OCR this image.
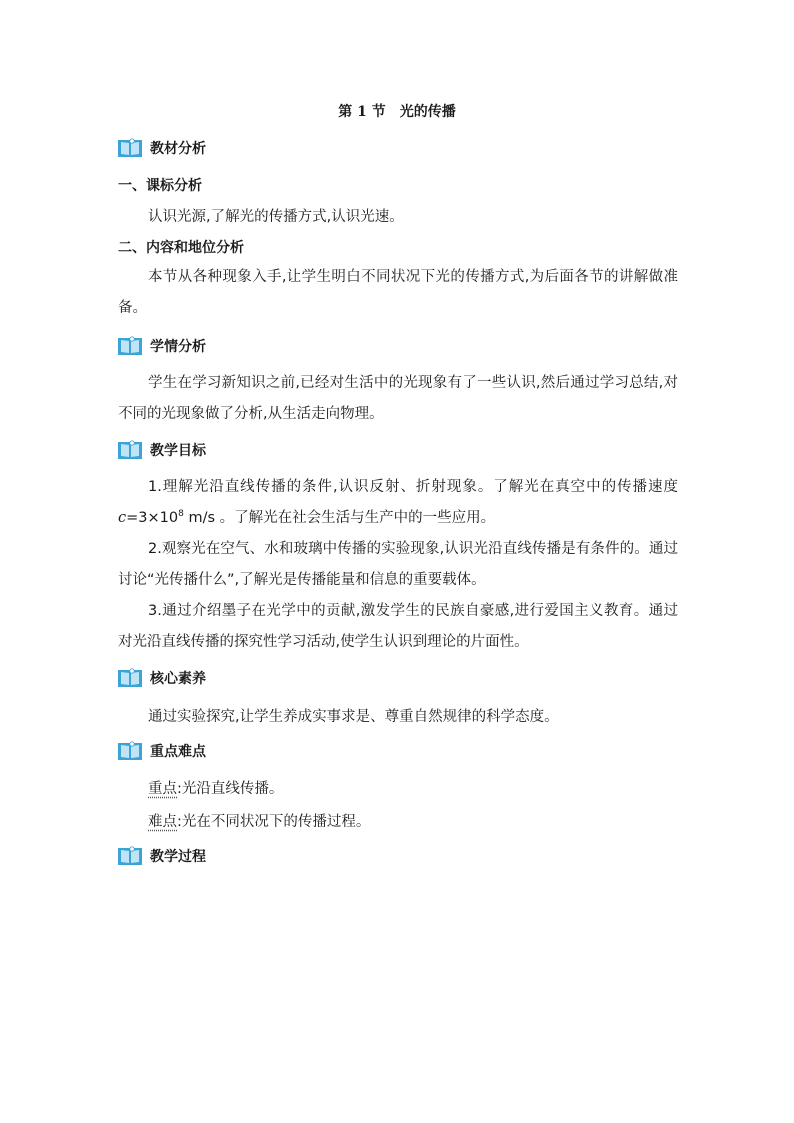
第 1 节　光的传播
教材分析
一、课标分析
认识光源,了解光的传播方式,认识光速。
二、内容和地位分析

本节从各种现象入手,让学生明白不同状况下光的传播方式,为后面各节的讲解做准备。

学情分析

学生在学习新知识之前,已经对生活中的光现象有了一些认识,然后通过学习总结,对不同的光现象做了分析,从生活走向物理。

教学目标

1.理解光沿直线传播的条件,认识反射、折射现象。了解光在真空中的传播速度 $c=3\times 10^8$ m/s 。了解光在社会生活与生产中的一些应用。

2.观察光在空气、水和玻璃中传播的实验现象,认识光沿直线传播是有条件的。通过讨论“光传播什么”,了解光是传播能量和信息的重要载体。

3.通过介绍墨子在光学中的贡献,激发学生的民族自豪感,进行爱国主义教育。通过对光沿直线传播的探究性学习活动,使学生认识到理论的片面性。

核心素养
通过实验探究,让学生养成实事求是、尊重自然规律的科学态度。
重点难点
重点:光沿直线传播。
难点:光在不同状况下的传播过程。
教学过程
